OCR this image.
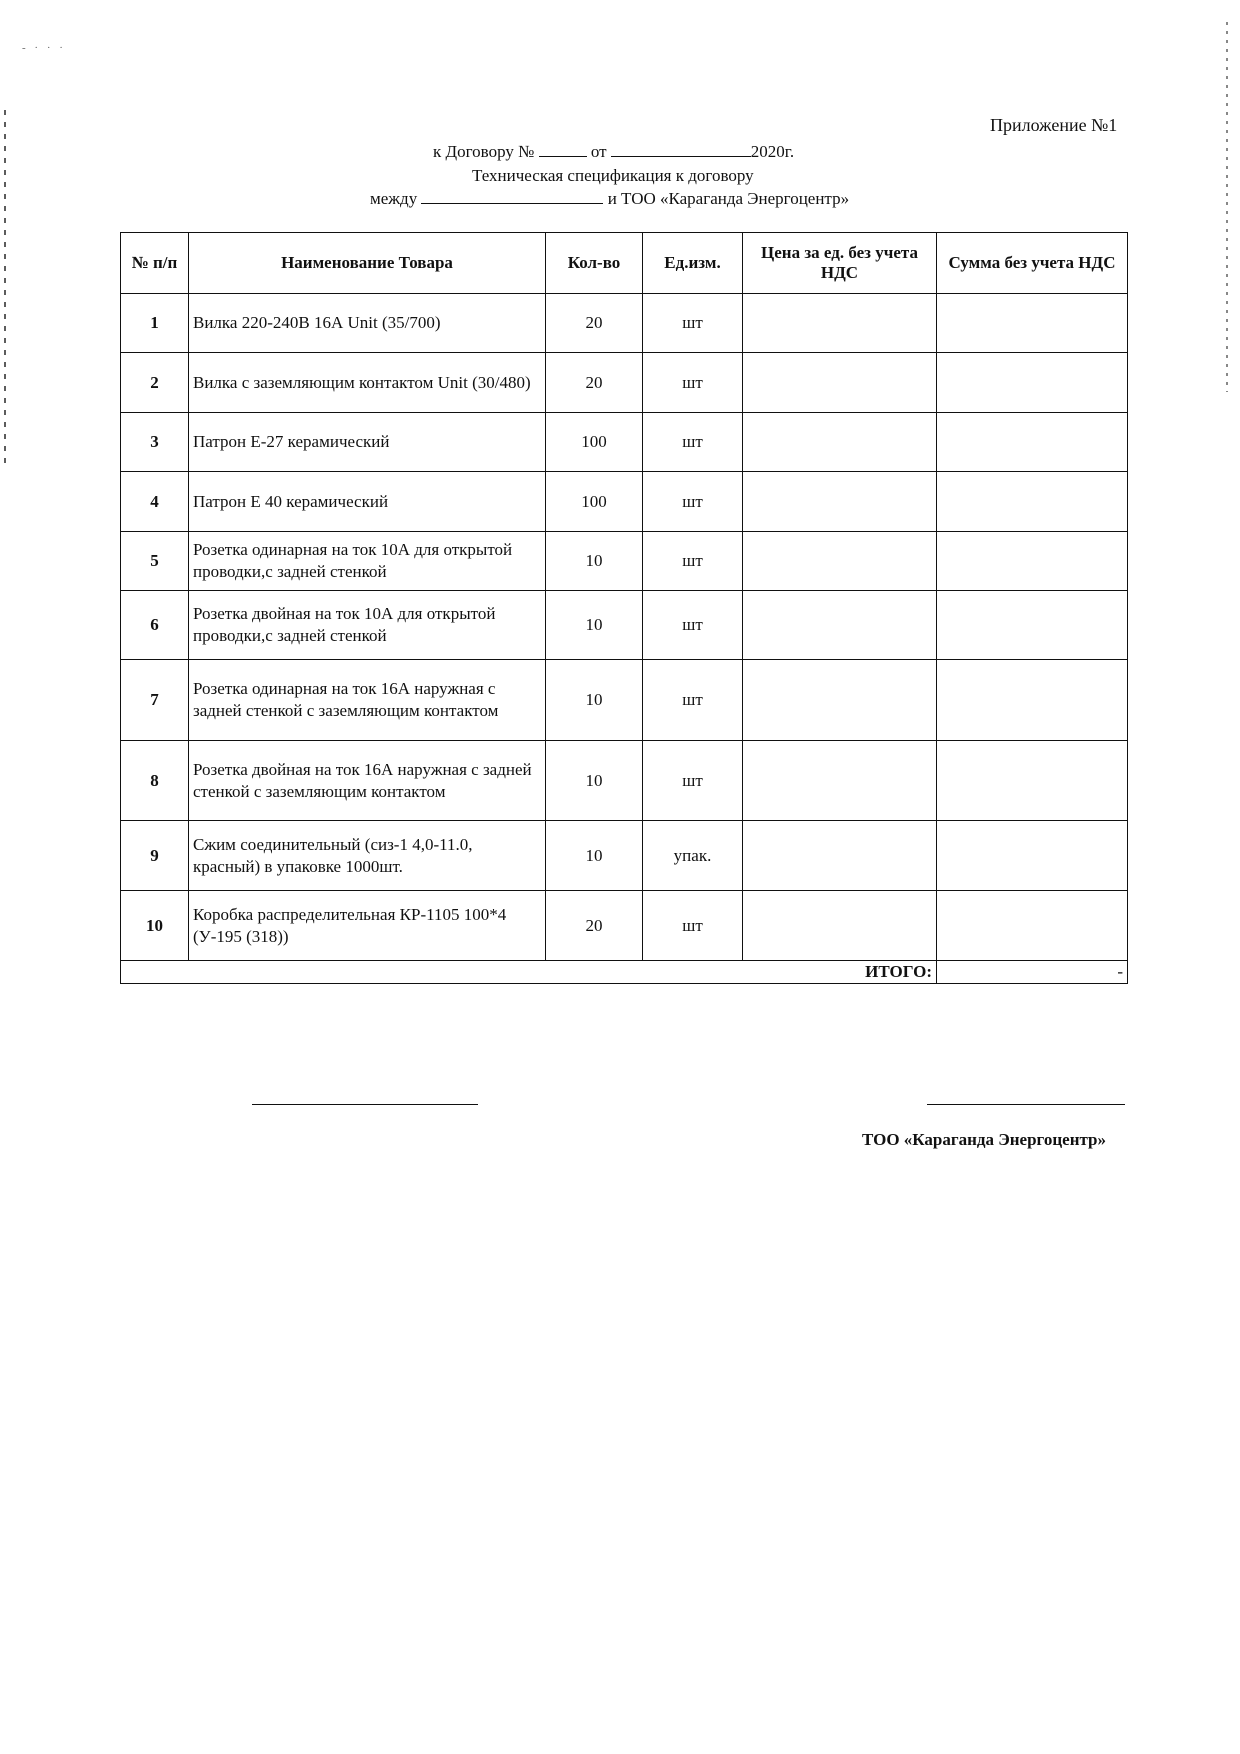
- · · ·
Приложение №1
к Договору №	от	2020г.
Техническая спецификация к договору
между	и ТОО «Караганда Энергоцентр»
№ п/п	Наименование Товара	Кол-во	Ед.изм.	Цена за ед. без учета НДС	Сумма без учета НДС
1	Вилка 220-240В 16А Unit (35/700)	20	шт		
2	Вилка с заземляющим контактом Unit (30/480)	20	шт		
3	Патрон Е-27 керамический	100	шт		
4	Патрон Е 40 керамический	100	шт		
5	Розетка одинарная на ток 10А для открытой проводки,с задней стенкой	10	шт		
6	Розетка двойная на ток 10А для открытой проводки,с задней стенкой	10	шт		
7	Розетка одинарная на ток 16А наружная с задней стенкой с заземляющим контактом	10	шт		
8	Розетка двойная на ток 16А наружная с задней стенкой с заземляющим контактом	10	шт		
9	Сжим соединительный (сиз-1 4,0-11.0, красный) в упаковке 1000шт.	10	упак.		
10	Коробка распределительная КР-1105 100*4 (У-195 (318))	20	шт		
				ИТОГО:	-
ТОО «Караганда Энергоцентр»
